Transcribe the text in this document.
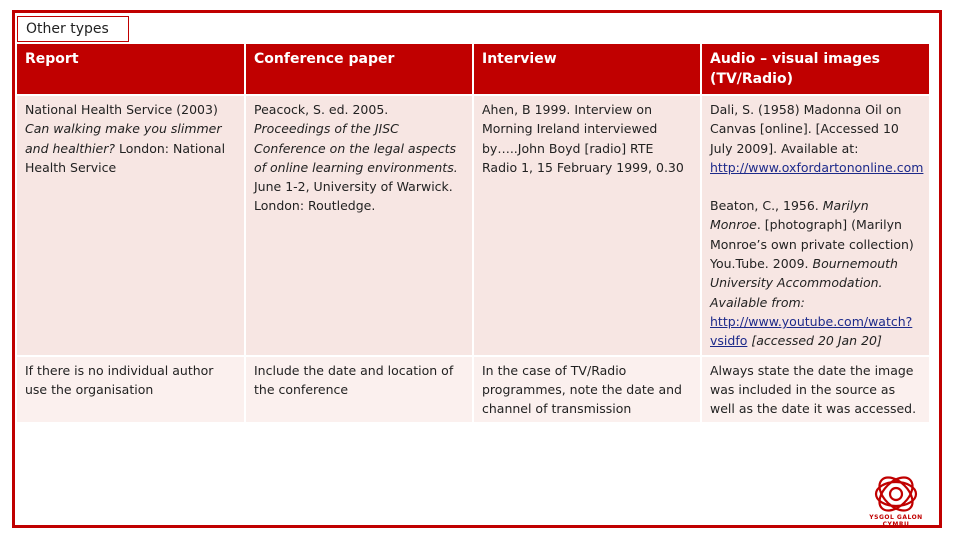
Other types
Report	Conference paper	Interview	Audio – visual images (TV/Radio)
National Health Service (2003) Can walking make you slimmer and healthier? London: National Health Service	Peacock, S. ed. 2005. Proceedings of the JISC Conference on the legal aspects of online learning environments. June 1-2, University of Warwick. London: Routledge.	Ahen, B 1999. Interview on Morning Ireland interviewed by…..John Boyd [radio] RTE Radio 1, 15 February 1999, 0.30	Dali, S. (1958) Madonna Oil on Canvas [online]. [Accessed 10 July 2009]. Available at: http://www.oxfordartononline.com
Beaton, C., 1956. Marilyn Monroe. [photograph] (Marilyn Monroe’s own private collection)
You.Tube. 2009. Bournemouth University Accommodation. Available from: http://www.youtube.com/watch?vsidfo [accessed 20 Jan 20]
If there is no individual author use the organisation	Include the date and location of the conference	In the case of TV/Radio programmes, note the date and channel of transmission	Always state the date the image was included in the source as well as the date it was accessed.
YSGOL GALON CYMRU
